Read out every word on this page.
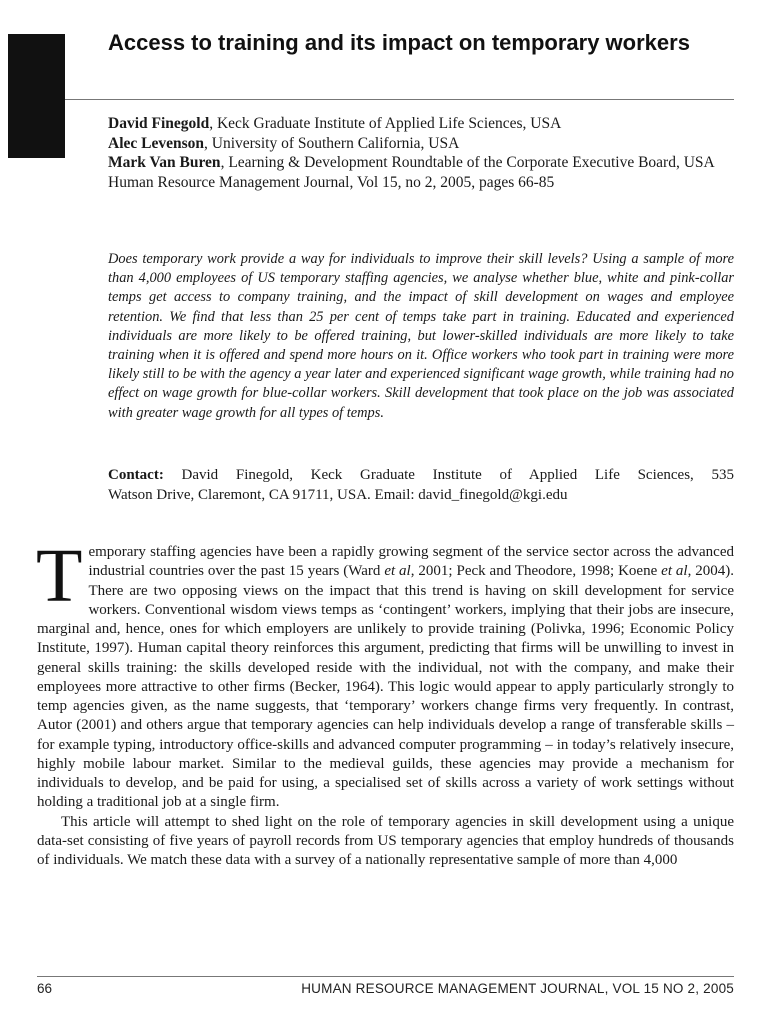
Access to training and its impact on temporary workers

David Finegold, Keck Graduate Institute of Applied Life Sciences, USA

Alec Levenson, University of Southern California, USA

Mark Van Buren, Learning & Development Roundtable of the Corporate Executive Board, USA

Human Resource Management Journal, Vol 15, no 2, 2005, pages 66-85

Does temporary work provide a way for individuals to improve their skill levels? Using a sample of more than 4,000 employees of US temporary staffing agencies, we analyse whether blue, white and pink-collar temps get access to company training, and the impact of skill development on wages and employee retention. We find that less than 25 per cent of temps take part in training. Educated and experienced individuals are more likely to be offered training, but lower-skilled individuals are more likely to take training when it is offered and spend more hours on it. Office workers who took part in training were more likely still to be with the agency a year later and experienced significant wage growth, while training had no effect on wage growth for blue-collar workers. Skill development that took place on the job was associated with greater wage growth for all types of temps.

Contact: David Finegold, Keck Graduate Institute of Applied Life Sciences, 535
Watson Drive, Claremont, CA 91711, USA. Email: david_finegold@kgi.edu

Temporary staffing agencies have been a rapidly growing segment of the service sector across the advanced industrial countries over the past 15 years (Ward et al, 2001; Peck and Theodore, 1998; Koene et al, 2004). There are two opposing views on the impact that this trend is having on skill development for service workers. Conventional wisdom views temps as ‘contingent’ workers, implying that their jobs are insecure, marginal and, hence, ones for which employers are unlikely to provide training (Polivka, 1996; Economic Policy Institute, 1997). Human capital theory reinforces this argument, predicting that firms will be unwilling to invest in general skills training: the skills developed reside with the individual, not with the company, and make their employees more attractive to other firms (Becker, 1964). This logic would appear to apply particularly strongly to temp agencies given, as the name suggests, that ‘temporary’ workers change firms very frequently. In contrast, Autor (2001) and others argue that temporary agencies can help individuals develop a range of transferable skills – for example typing, introductory office-skills and advanced computer programming – in today’s relatively insecure, highly mobile labour market. Similar to the medieval guilds, these agencies may provide a mechanism for individuals to develop, and be paid for using, a specialised set of skills across a variety of work settings without holding a traditional job at a single firm.

This article will attempt to shed light on the role of temporary agencies in skill development using a unique data-set consisting of five years of payroll records from US temporary agencies that employ hundreds of thousands of individuals. We match these data with a survey of a nationally representative sample of more than 4,000

66	HUMAN RESOURCE MANAGEMENT JOURNAL, VOL 15 NO 2, 2005
